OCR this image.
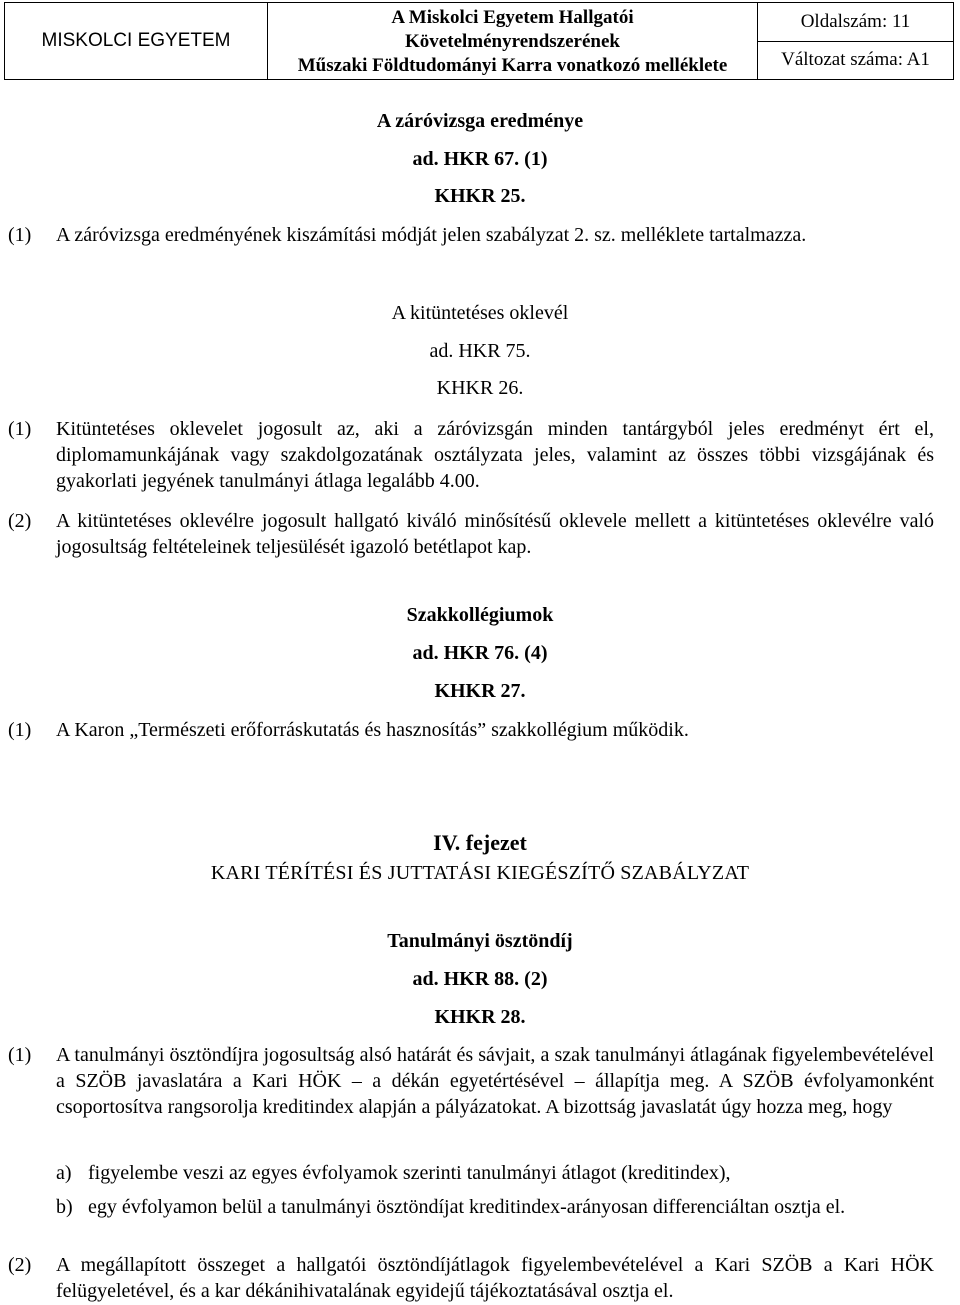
MISKOLCI EGYETEM
A Miskolci Egyetem Hallgatói
Követelményrendszerének
Műszaki Földtudományi Karra vonatkozó melléklete
Oldalszám: 11
Változat száma: A1
A záróvizsga eredménye
ad. HKR 67. (1)
KHKR 25.
(1) A záróvizsga eredményének kiszámítási módját jelen szabályzat 2. sz. melléklete tartalmazza.
A kitüntetéses oklevél
ad. HKR 75.
KHKR 26.
(1) Kitüntetéses oklevelet jogosult az, aki a záróvizsgán minden tantárgyból jeles eredményt ért el, diplomamunkájának vagy szakdolgozatának osztályzata jeles, valamint az összes többi vizsgájának és gyakorlati jegyének tanulmányi átlaga legalább 4.00.
(2) A kitüntetéses oklevélre jogosult hallgató kiváló minősítésű oklevele mellett a kitüntetéses oklevélre való jogosultság feltételeinek teljesülését igazoló betétlapot kap.
Szakkollégiumok
ad. HKR 76. (4)
KHKR 27.
(1) A Karon „Természeti erőforráskutatás és hasznosítás” szakkollégium működik.
IV. fejezet
KARI TÉRÍTÉSI ÉS JUTTATÁSI KIEGÉSZÍTŐ SZABÁLYZAT
Tanulmányi ösztöndíj
ad. HKR 88. (2)
KHKR 28.
(1) A tanulmányi ösztöndíjra jogosultság alsó határát és sávjait, a szak tanulmányi átlagának figyelembevételével a SZÖB javaslatára a Kari HÖK – a dékán egyetértésével – állapítja meg. A SZÖB évfolyamonként csoportosítva rangsorolja kreditindex alapján a pályázatokat. A bizottság javaslatát úgy hozza meg, hogy
a) figyelembe veszi az egyes évfolyamok szerinti tanulmányi átlagot (kreditindex),
b) egy évfolyamon belül a tanulmányi ösztöndíjat kreditindex-arányosan differenciáltan osztja el.
(2) A megállapított összeget a hallgatói ösztöndíjátlagok figyelembevételével a Kari SZÖB a Kari HÖK felügyeletével, és a kar dékánihivatalának egyidejű tájékoztatásával osztja el.
